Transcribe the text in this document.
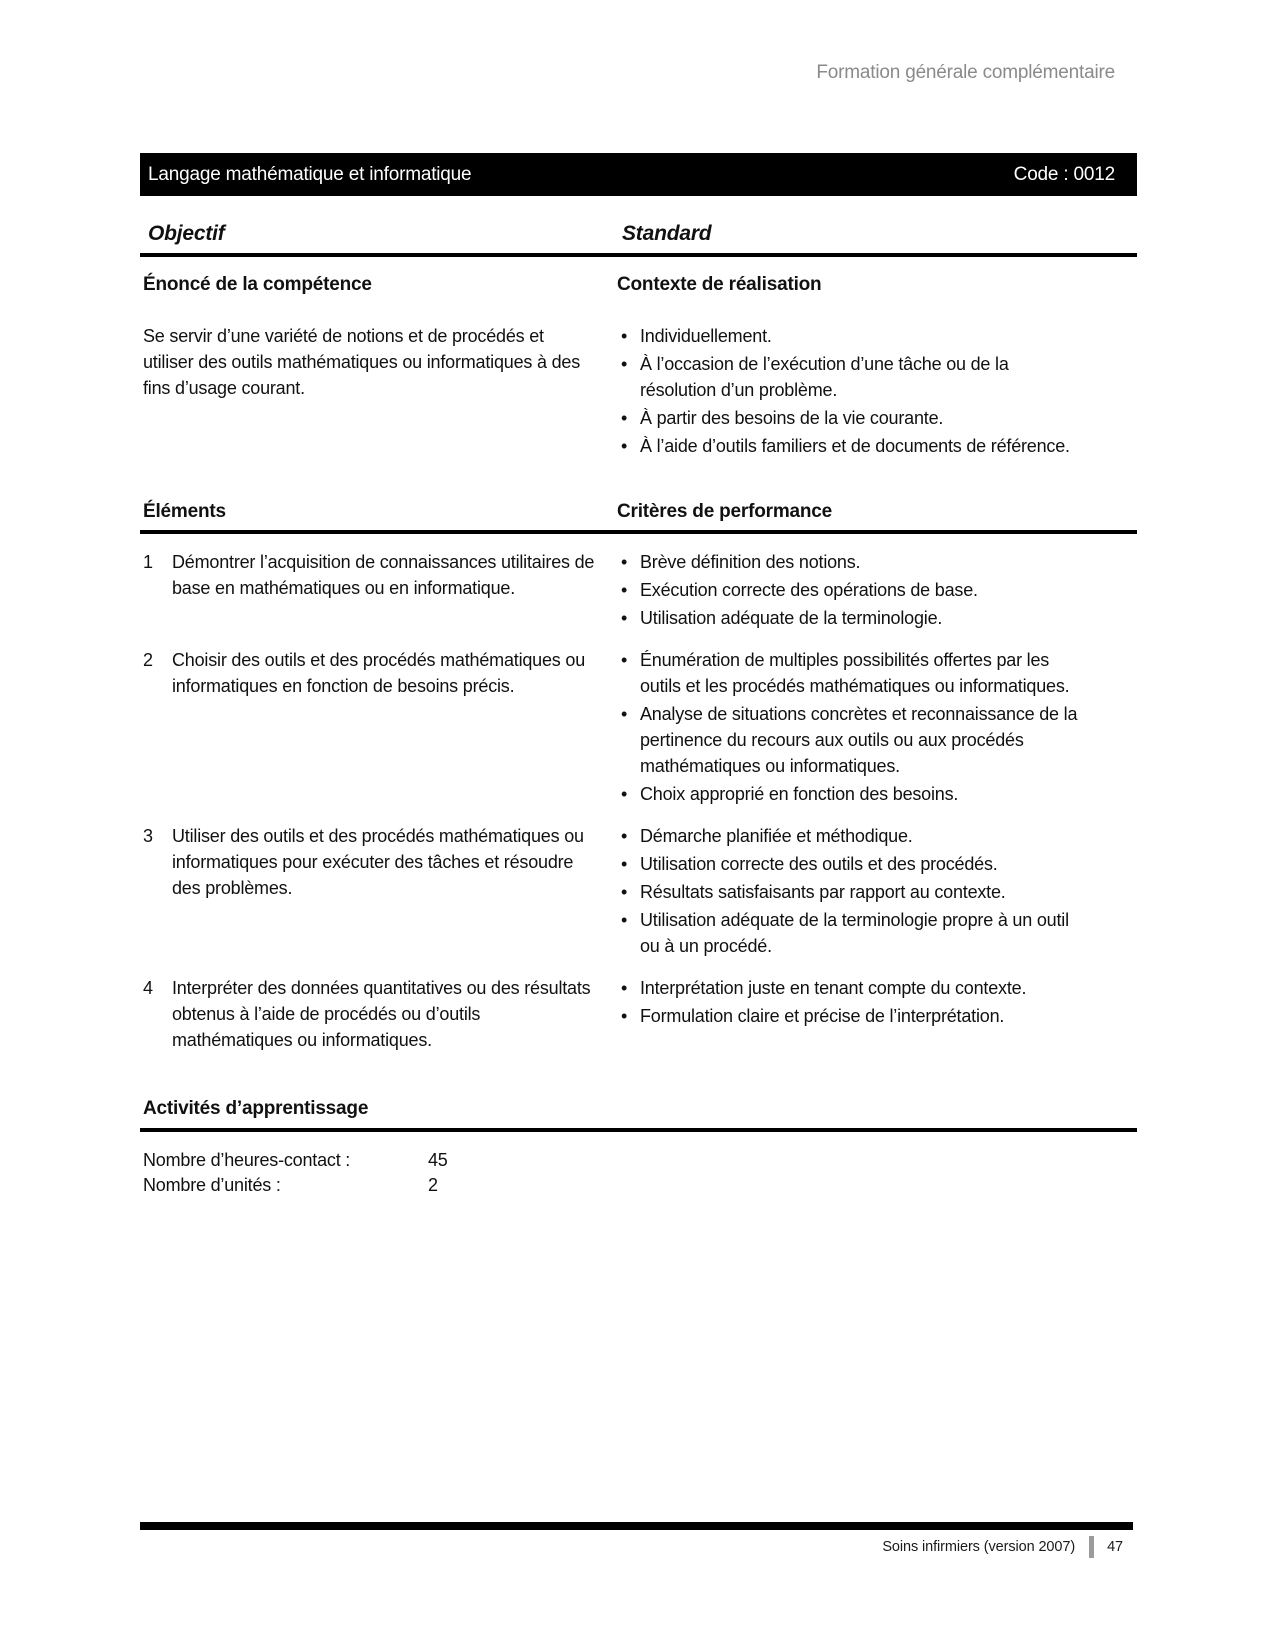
Formation générale complémentaire
Langage mathématique et informatique	Code : 0012
Objectif	Standard
Énoncé de la compétence	Contexte de réalisation
Se servir d’une variété de notions et de procédés et utiliser des outils mathématiques ou informatiques à des fins d’usage courant.
• Individuellement.
• À l’occasion de l’exécution d’une tâche ou de la résolution d’un problème.
• À partir des besoins de la vie courante.
• À l’aide d’outils familiers et de documents de référence.
Éléments	Critères de performance
1	Démontrer l’acquisition de connaissances utilitaires de base en mathématiques ou en informatique.
• Brève définition des notions.
• Exécution correcte des opérations de base.
• Utilisation adéquate de la terminologie.
2	Choisir des outils et des procédés mathématiques ou informatiques en fonction de besoins précis.
• Énumération de multiples possibilités offertes par les outils et les procédés mathématiques ou informatiques.
• Analyse de situations concrètes et reconnaissance de la pertinence du recours aux outils ou aux procédés mathématiques ou informatiques.
• Choix approprié en fonction des besoins.
3	Utiliser des outils et des procédés mathématiques ou informatiques pour exécuter des tâches et résoudre des problèmes.
• Démarche planifiée et méthodique.
• Utilisation correcte des outils et des procédés.
• Résultats satisfaisants par rapport au contexte.
• Utilisation adéquate de la terminologie propre à un outil ou à un procédé.
4	Interpréter des données quantitatives ou des résultats obtenus à l’aide de procédés ou d’outils mathématiques ou informatiques.
• Interprétation juste en tenant compte du contexte.
• Formulation claire et précise de l’interprétation.
Activités d’apprentissage
Nombre d’heures-contact :	45
Nombre d’unités :	2
Soins infirmiers (version 2007) 47
